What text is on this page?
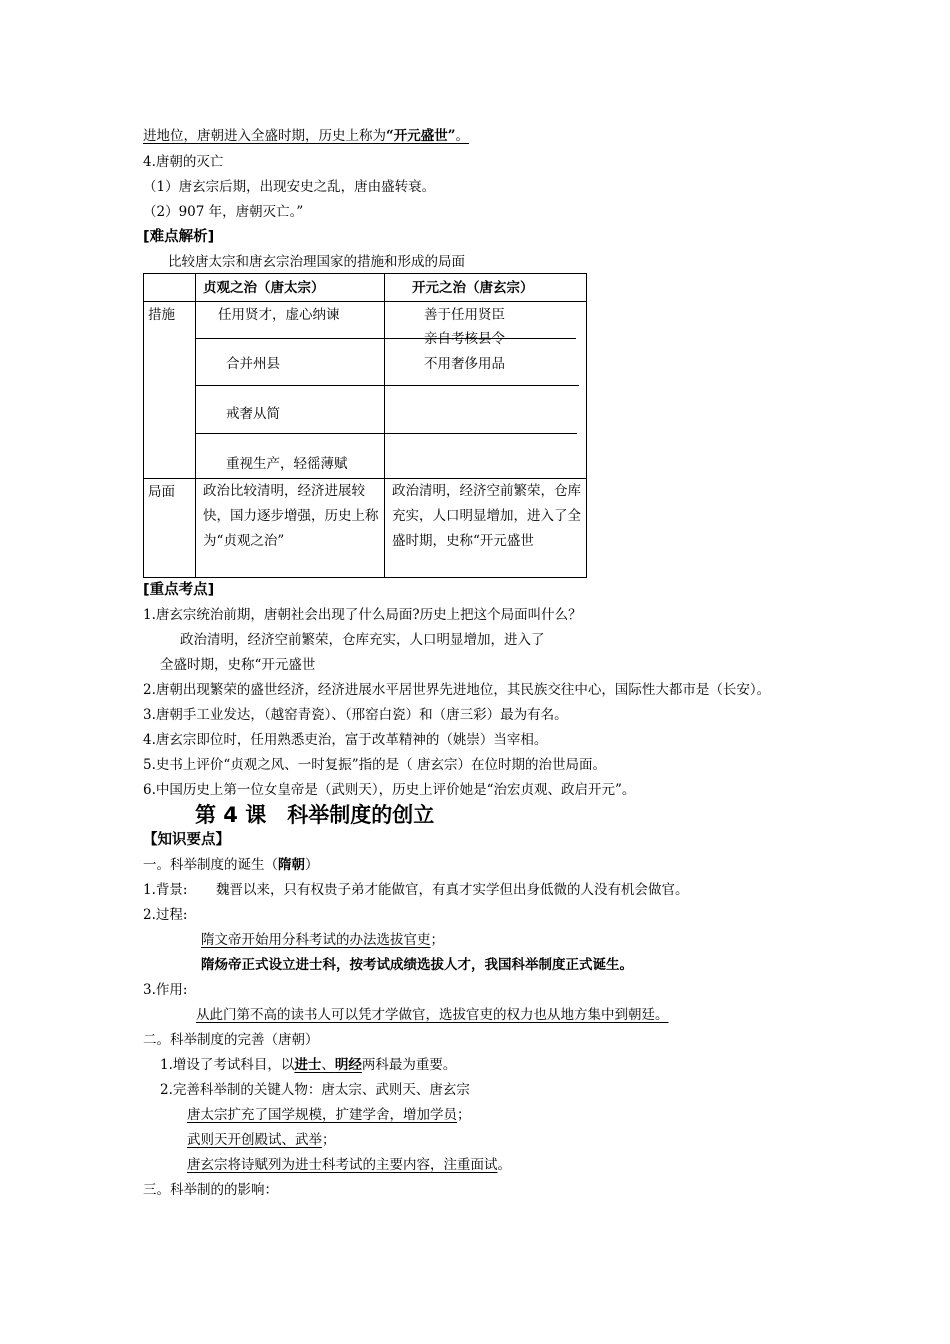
进地位，唐朝进入全盛时期，历史上称为“开元盛世”。
4.唐朝的灭亡
（1）唐玄宗后期，出现安史之乱，唐由盛转衰。
（2）907 年，唐朝灭亡。”
[难点解析]
比较唐太宗和唐玄宗治理国家的措施和形成的局面
贞观之治（唐太宗）	开元之治（唐玄宗）
措施	任用贤才，虚心纳谏
合并州县
戒奢从简
重视生产，轻徭薄赋
善于任用贤臣
亲自考核县令
不用奢侈用品
局面 政治比较清明，经济进展较快，国力逐步增强，历史上称为“贞观之治”
政治清明，经济空前繁荣，仓库充实，人口明显增加，进入了全盛时期，史称“开元盛世
[重点考点]
1.唐玄宗统治前期，唐朝社会出现了什么局面?历史上把这个局面叫什么？
政治清明，经济空前繁荣，仓库充实，人口明显增加，进入了
全盛时期，史称“开元盛世
2.唐朝出现繁荣的盛世经济，经济进展水平居世界先进地位，其民族交往中心，国际性大都市是（长安）。
3.唐朝手工业发达，（越窑青瓷）、（邢窑白瓷）和（唐三彩）最为有名。
4.唐玄宗即位时，任用熟悉吏治，富于改革精神的（姚崇）当宰相。
5.史书上评价“贞观之风、一时复振”指的是（ 唐玄宗）在位时期的治世局面。
6.中国历史上第一位女皇帝是（武则天），历史上评价她是“治宏贞观、政启开元”。
第 4 课　科举制度的创立
【知识要点】
一。科举制度的诞生（隋朝）
1.背景: 魏晋以来，只有权贵子弟才能做官，有真才实学但出身低微的人没有机会做官。
2.过程:
隋文帝开始用分科考试的办法选拔官吏；
隋炀帝正式设立进士科，按考试成绩选拔人才，我国科举制度正式诞生。
3.作用:
从此门第不高的读书人可以凭才学做官，选拔官吏的权力也从地方集中到朝廷。
二。科举制度的完善（唐朝）
1.增设了考试科目，以进士、明经两科最为重要。
2.完善科举制的关键人物：唐太宗、武则天、唐玄宗
唐太宗扩充了国学规模，扩建学舍，增加学员；
武则天开创殿试、武举；
唐玄宗将诗赋列为进士科考试的主要内容，注重面试。
三。科举制的的影响：
